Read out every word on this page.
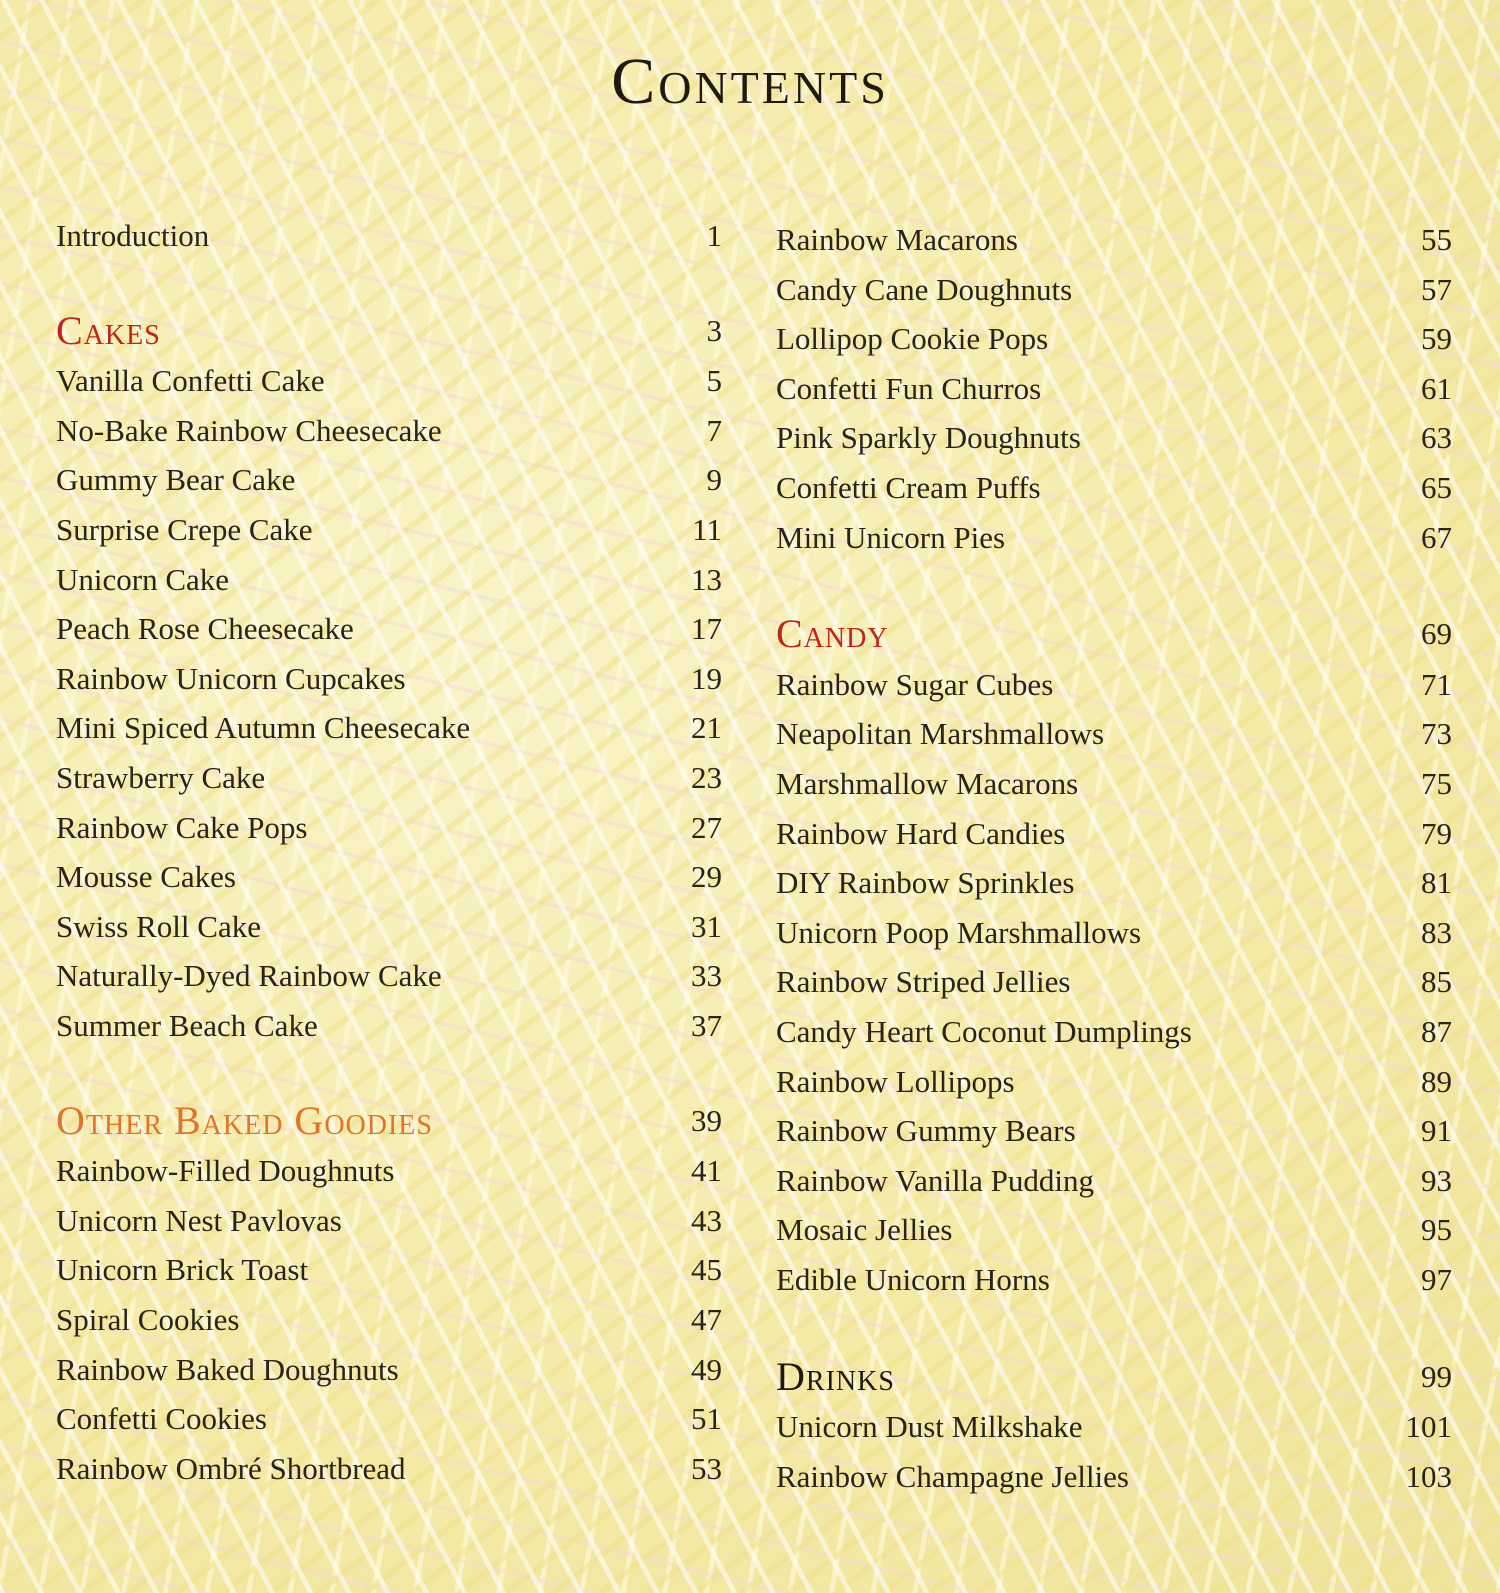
Contents
Introduction	1
Cakes	3
Vanilla Confetti Cake	5
No-Bake Rainbow Cheesecake	7
Gummy Bear Cake	9
Surprise Crepe Cake	11
Unicorn Cake	13
Peach Rose Cheesecake	17
Rainbow Unicorn Cupcakes	19
Mini Spiced Autumn Cheesecake	21
Strawberry Cake	23
Rainbow Cake Pops	27
Mousse Cakes	29
Swiss Roll Cake	31
Naturally-Dyed Rainbow Cake	33
Summer Beach Cake	37
Other Baked Goodies	39
Rainbow-Filled Doughnuts	41
Unicorn Nest Pavlovas	43
Unicorn Brick Toast	45
Spiral Cookies	47
Rainbow Baked Doughnuts	49
Confetti Cookies	51
Rainbow Ombré Shortbread	53
Rainbow Macarons	55
Candy Cane Doughnuts	57
Lollipop Cookie Pops	59
Confetti Fun Churros	61
Pink Sparkly Doughnuts	63
Confetti Cream Puffs	65
Mini Unicorn Pies	67
Candy	69
Rainbow Sugar Cubes	71
Neapolitan Marshmallows	73
Marshmallow Macarons	75
Rainbow Hard Candies	79
DIY Rainbow Sprinkles	81
Unicorn Poop Marshmallows	83
Rainbow Striped Jellies	85
Candy Heart Coconut Dumplings	87
Rainbow Lollipops	89
Rainbow Gummy Bears	91
Rainbow Vanilla Pudding	93
Mosaic Jellies	95
Edible Unicorn Horns	97
Drinks	99
Unicorn Dust Milkshake	101
Rainbow Champagne Jellies	103
